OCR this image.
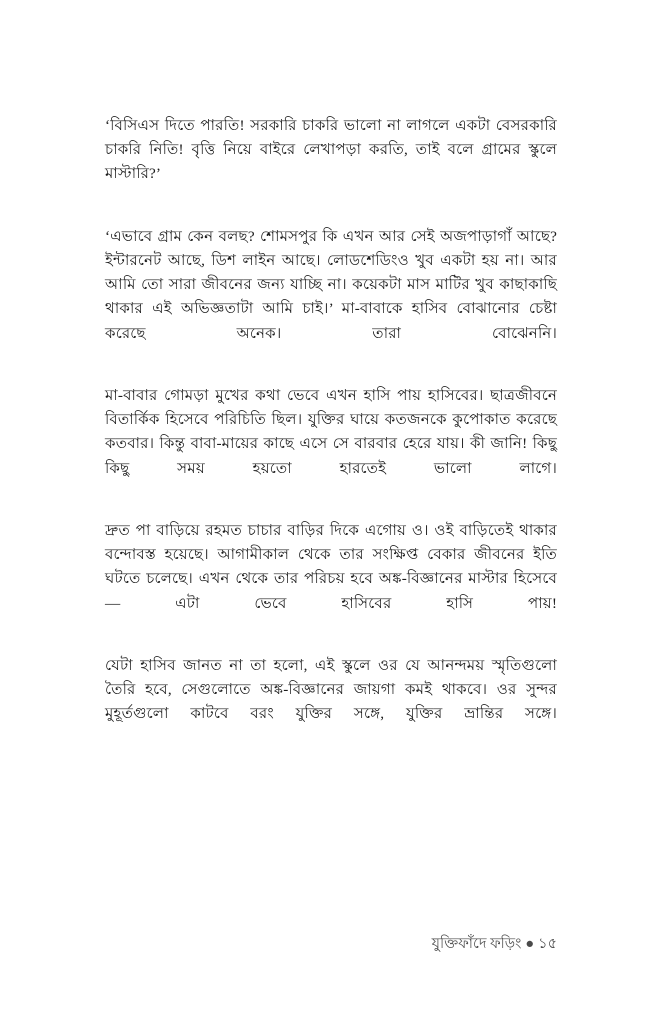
‘বিসিএস দিতে পারতি! সরকারি চাকরি ভালো না লাগলে একটা বেসরকারি চাকরি নিতি! বৃত্তি নিয়ে বাইরে লেখাপড়া করতি, তাই বলে গ্রামের স্কুলে মাস্টারি?’

‘এভাবে গ্রাম কেন বলছ? শোমসপুর কি এখন আর সেই অজপাড়াগাঁ আছে? ইন্টারনেট আছে, ডিশ লাইন আছে। লোডশেডিংও খুব একটা হয় না। আর আমি তো সারা জীবনের জন্য যাচ্ছি না। কয়েকটা মাস মাটির খুব কাছাকাছি থাকার এই অভিজ্ঞতাটা আমি চাই।’ মা-বাবাকে হাসিব বোঝানোর চেষ্টা করেছে অনেক। তারা বোঝেননি।

মা-বাবার গোমড়া মুখের কথা ভেবে এখন হাসি পায় হাসিবের। ছাত্রজীবনে বিতার্কিক হিসেবে পরিচিতি ছিল। যুক্তির ঘায়ে কতজনকে কুপোকাত করেছে কতবার। কিন্তু বাবা-মায়ের কাছে এসে সে বারবার হেরে যায়। কী জানি! কিছু কিছু সময় হয়তো হারতেই ভালো লাগে।

দ্রুত পা বাড়িয়ে রহমত চাচার বাড়ির দিকে এগোয় ও। ওই বাড়িতেই থাকার বন্দোবস্ত হয়েছে। আগামীকাল থেকে তার সংক্ষিপ্ত বেকার জীবনের ইতি ঘটতে চলেছে। এখন থেকে তার পরিচয় হবে অঙ্ক-বিজ্ঞানের মাস্টার হিসেবে— এটা ভেবে হাসিবের হাসি পায়!

যেটা হাসিব জানত না তা হলো, এই স্কুলে ওর যে আনন্দময় স্মৃতিগুলো তৈরি হবে, সেগুলোতে অঙ্ক-বিজ্ঞানের জায়গা কমই থাকবে। ওর সুন্দর মুহূর্তগুলো কাটবে বরং যুক্তির সঙ্গে, যুক্তির ভ্রান্তির সঙ্গে।

যুক্তিফাঁদে ফড়িং ● ১৫
